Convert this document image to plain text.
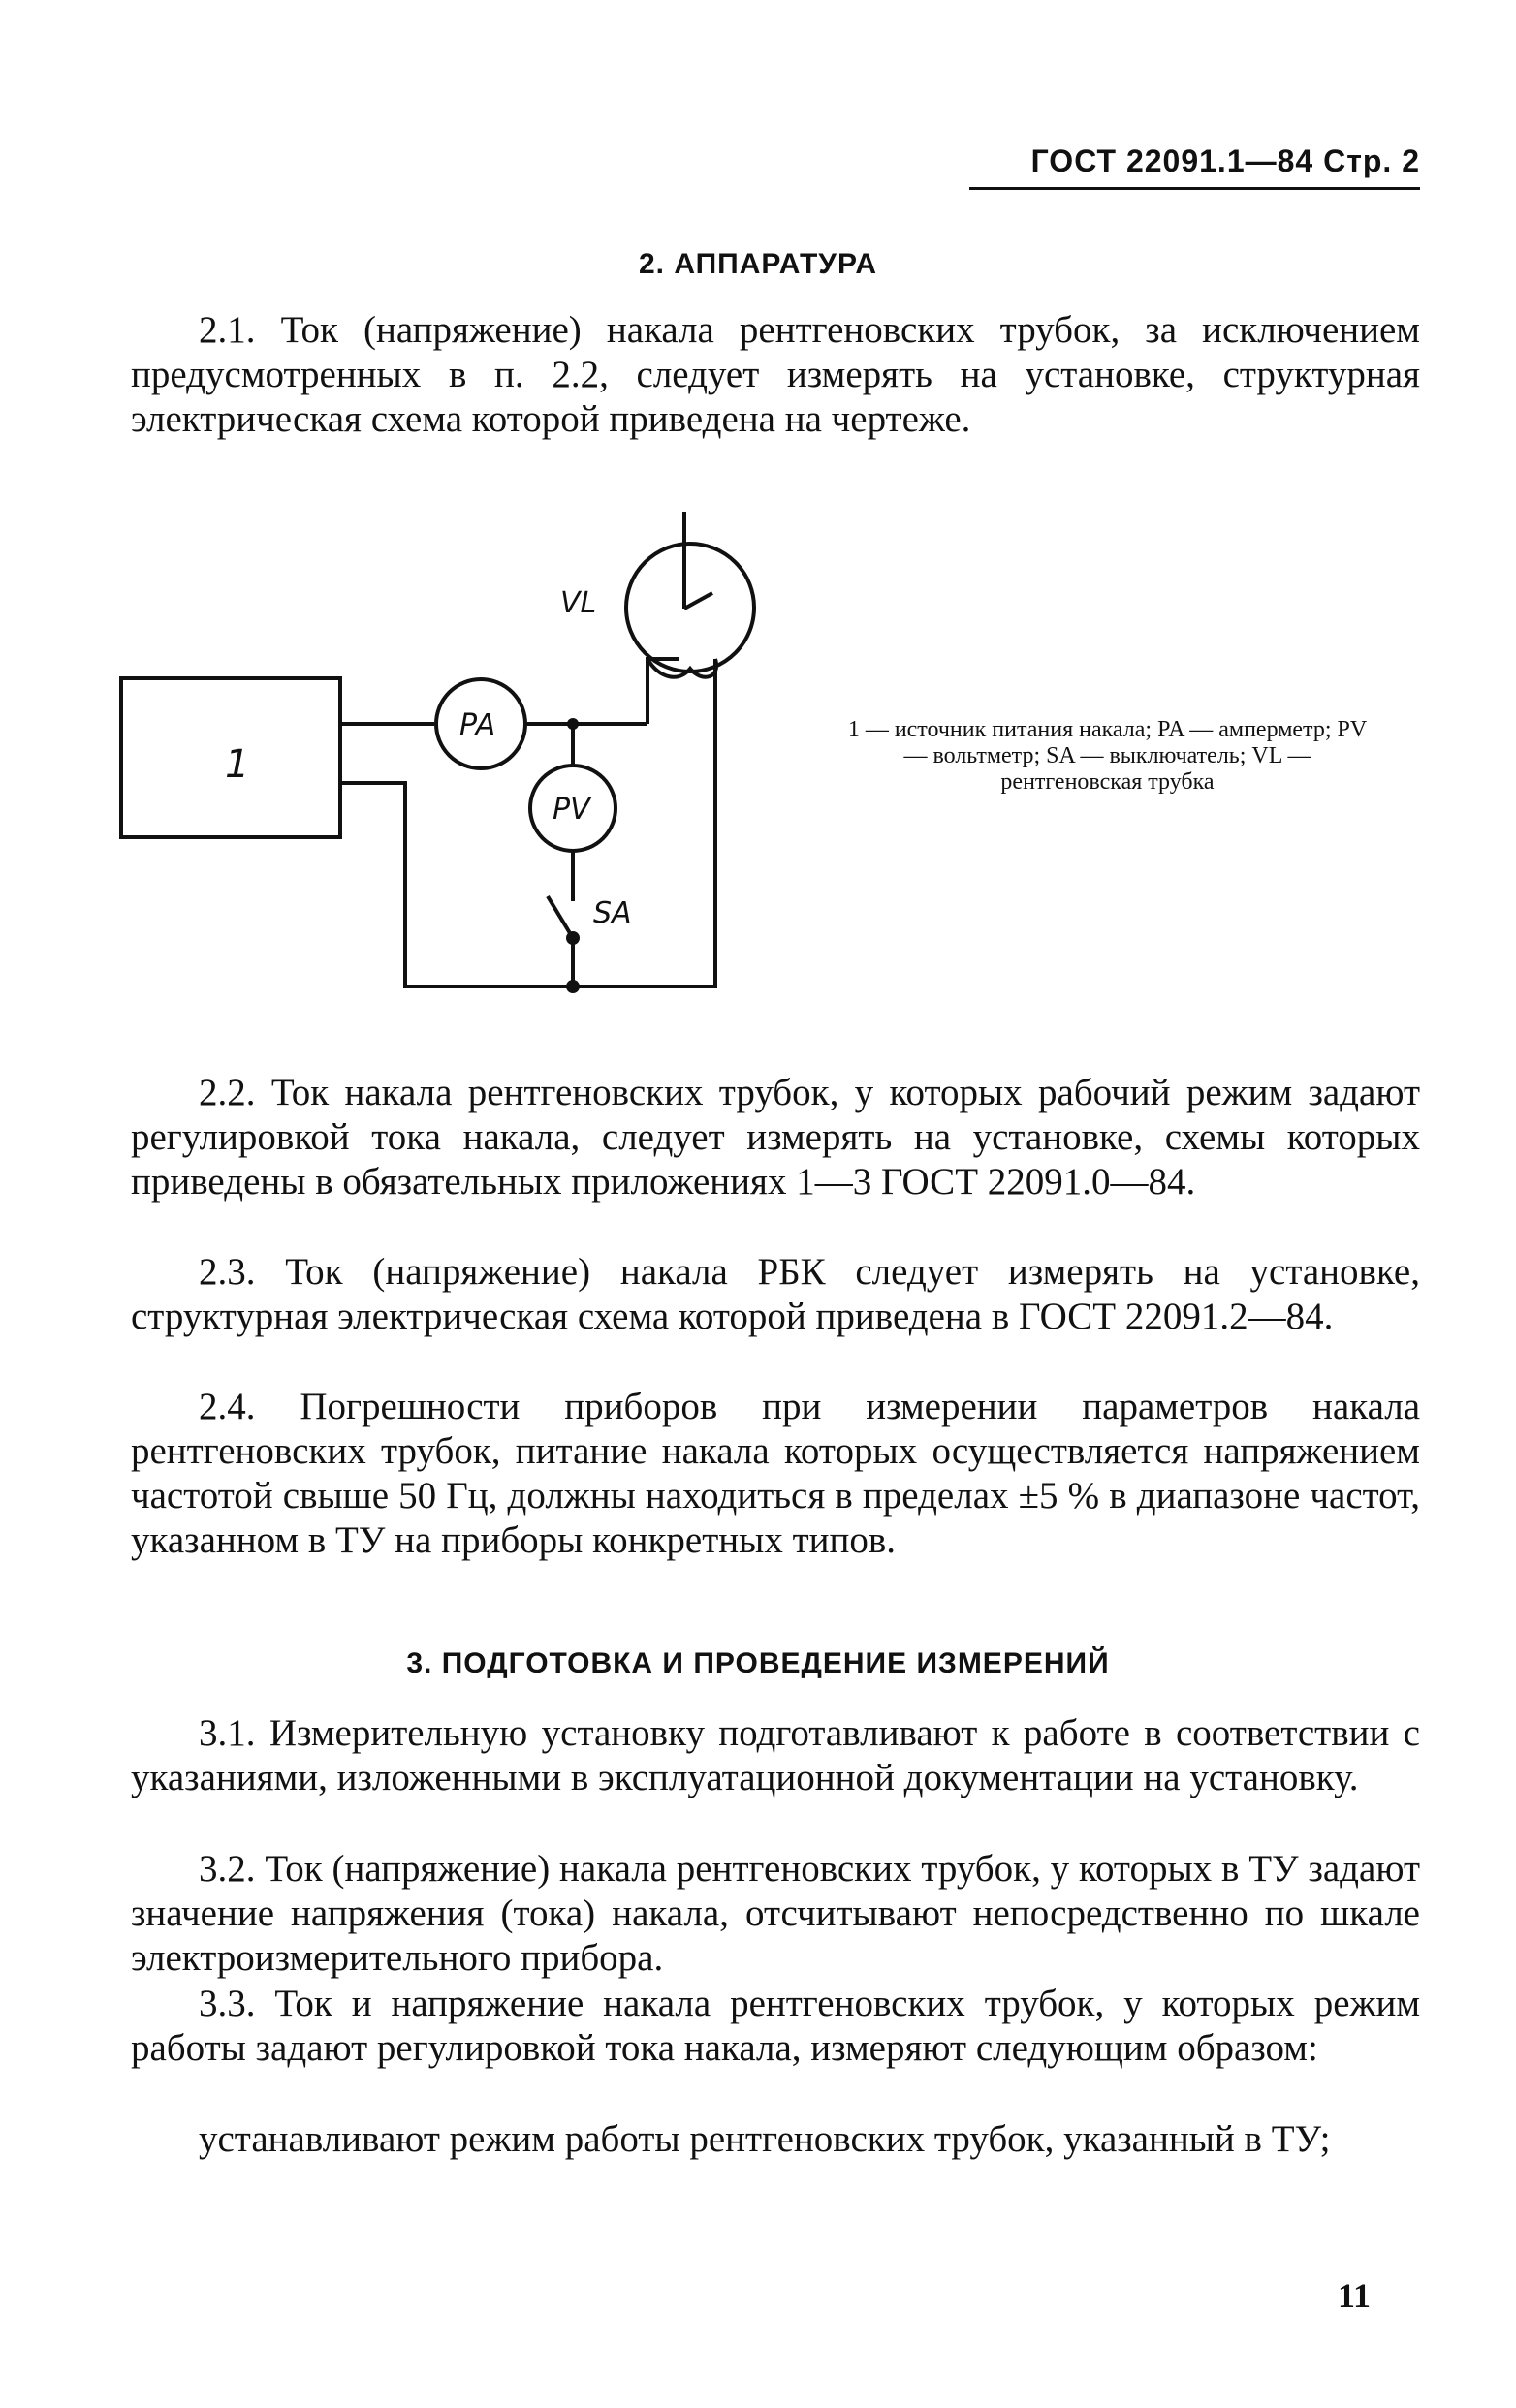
ГОСТ 22091.1—84 Стр. 2
2. АППАРАТУРА

2.1. Ток (напряжение) накала рентгеновских трубок, за исключением предусмотренных в п. 2.2, следует измерять на установке, структурная электрическая схема которой приведена на чертеже.

1
PA
PV
VL
SA
1 — источник питания накала; PA — амперметр; PV — вольтметр; SA — выключатель; VL — рентгеновская трубка

2.2. Ток накала рентгеновских трубок, у которых рабочий режим задают регулировкой тока накала, следует измерять на установке, схемы которых приведены в обязательных приложениях 1—3 ГОСТ 22091.0—84.

2.3. Ток (напряжение) накала РБК следует измерять на установке, структурная электрическая схема которой приведена в ГОСТ 22091.2—84.

2.4. Погрешности приборов при измерении параметров накала рентгеновских трубок, питание накала которых осуществляется напряжением частотой свыше 50 Гц, должны находиться в пределах ±5 % в диапазоне частот, указанном в ТУ на приборы конкретных типов.

3. ПОДГОТОВКА И ПРОВЕДЕНИЕ ИЗМЕРЕНИЙ

3.1. Измерительную установку подготавливают к работе в соответствии с указаниями, изложенными в эксплуатационной документации на установку.

3.2. Ток (напряжение) накала рентгеновских трубок, у которых в ТУ задают значение напряжения (тока) накала, отсчитывают непосредственно по шкале электроизмерительного прибора.

3.3. Ток и напряжение накала рентгеновских трубок, у которых режим работы задают регулировкой тока накала, измеряют следующим образом:

устанавливают режим работы рентгеновских трубок, указанный в ТУ;

11
